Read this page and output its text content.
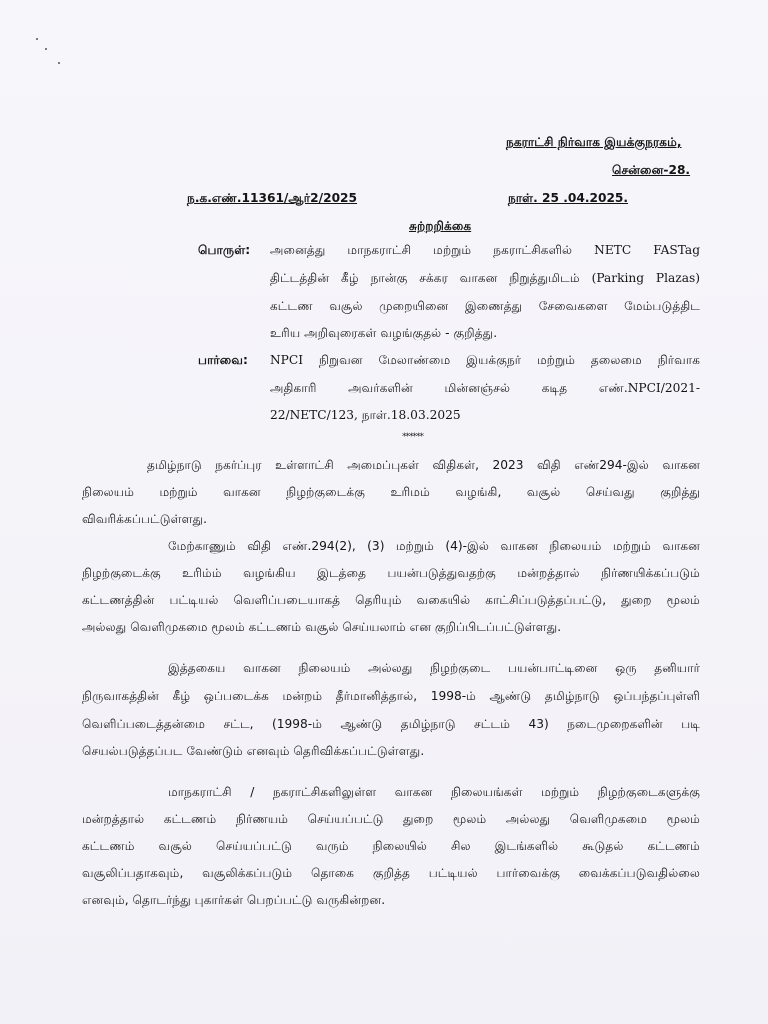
நகராட்சி நிர்வாக இயக்குநரகம்,
சென்னை-28.
ந.க.எண்.11361/ஆர்2/2025	நாள். 25 .04.2025.
சுற்றறிக்கை
பொருள்: அனைத்து மாநகராட்சி மற்றும் நகராட்சிகளில் NETC FASTag
திட்டத்தின் கீழ் நான்கு சக்கர வாகன நிறுத்துமிடம் (Parking Plazas)
கட்டண வசூல் முறையினை இணைத்து சேவைகளை மேம்படுத்திட
உரிய அறிவுரைகள் வழங்குதல் - குறித்து.
பார்வை: NPCI நிறுவன மேலாண்மை இயக்குநர் மற்றும் தலைமை நிர்வாக
அதிகாரி அவர்களின் மின்னஞ்சல் கடித எண்.NPCI/2021-
22/NETC/123, நாள்.18.03.2025
******
தமிழ்நாடு நகர்ப்புர உள்ளாட்சி அமைப்புகள் விதிகள், 2023 விதி எண்294-இல் வாகன
நிலையம் மற்றும் வாகன நிழற்குடைக்கு உரிமம் வழங்கி, வசூல் செய்வது குறித்து
விவரிக்கப்பட்டுள்ளது.
மேற்காணும் விதி எண்.294(2), (3) மற்றும் (4)-இல் வாகன நிலையம் மற்றும் வாகன
நிழற்குடைக்கு உரிம்ம் வழங்கிய இடத்தை பயன்படுத்துவதற்கு மன்றத்தால் நிர்ணயிக்கப்படும்
கட்டணத்தின் பட்டியல் வெளிப்படையாகத் தெரியும் வகையில் காட்சிப்படுத்தப்பட்டு, துறை மூலம்
அல்லது வெளிமுகமை மூலம் கட்டணம் வசூல் செய்யலாம் என குறிப்பிடப்பட்டுள்ளது.
இத்தகைய வாகன நிலையம் அல்லது நிழற்குடை பயன்பாட்டினை ஒரு தனியார்
நிருவாகத்தின் கீழ் ஒப்படைக்க மன்றம் தீர்மானித்தால், 1998-ம் ஆண்டு தமிழ்நாடு ஒப்பந்தப்புள்ளி
வெளிப்படைத்தன்மை சட்ட, (1998-ம் ஆண்டு தமிழ்நாடு சட்டம் 43) நடைமுறைகளின் படி
செயல்படுத்தப்பட வேண்டும் எனவும் தெரிவிக்கப்பட்டுள்ளது.
மாநகராட்சி / நகராட்சிகளிலுள்ள வாகன நிலையங்கள் மற்றும் நிழற்குடைகளுக்கு
மன்றத்தால் கட்டணம் நிர்ணயம் செய்யப்பட்டு துறை மூலம் அல்லது வெளிமுகமை மூலம்
கட்டணம் வசூல் செய்யப்பட்டு வரும் நிலையில் சில இடங்களில் கூடுதல் கட்டணம்
வசூலிப்பதாகவும், வசூலிக்கப்படும் தொகை குறித்த பட்டியல் பார்வைக்கு வைக்கப்படுவதில்லை
எனவும், தொடர்ந்து புகார்கள் பெறப்பட்டு வருகின்றன.
